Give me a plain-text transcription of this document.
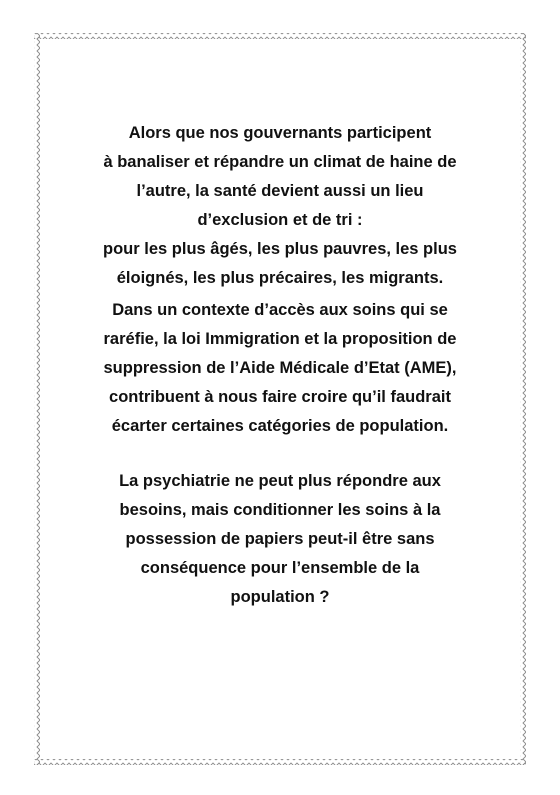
Alors que nos gouvernants participent
à banaliser et répandre un climat de haine de
l’autre, la santé devient aussi un lieu
d’exclusion et de tri :
pour les plus âgés, les plus pauvres, les plus
éloignés, les plus précaires, les migrants.
Dans un contexte d’accès aux soins qui se
raréfie, la loi Immigration et la proposition de
suppression de l’Aide Médicale d’Etat (AME),
contribuent à nous faire croire qu’il faudrait
écarter certaines catégories de population.
La psychiatrie ne peut plus répondre aux
besoins, mais conditionner les soins à la
possession de papiers peut-il être sans
conséquence pour l’ensemble de la
population ?
